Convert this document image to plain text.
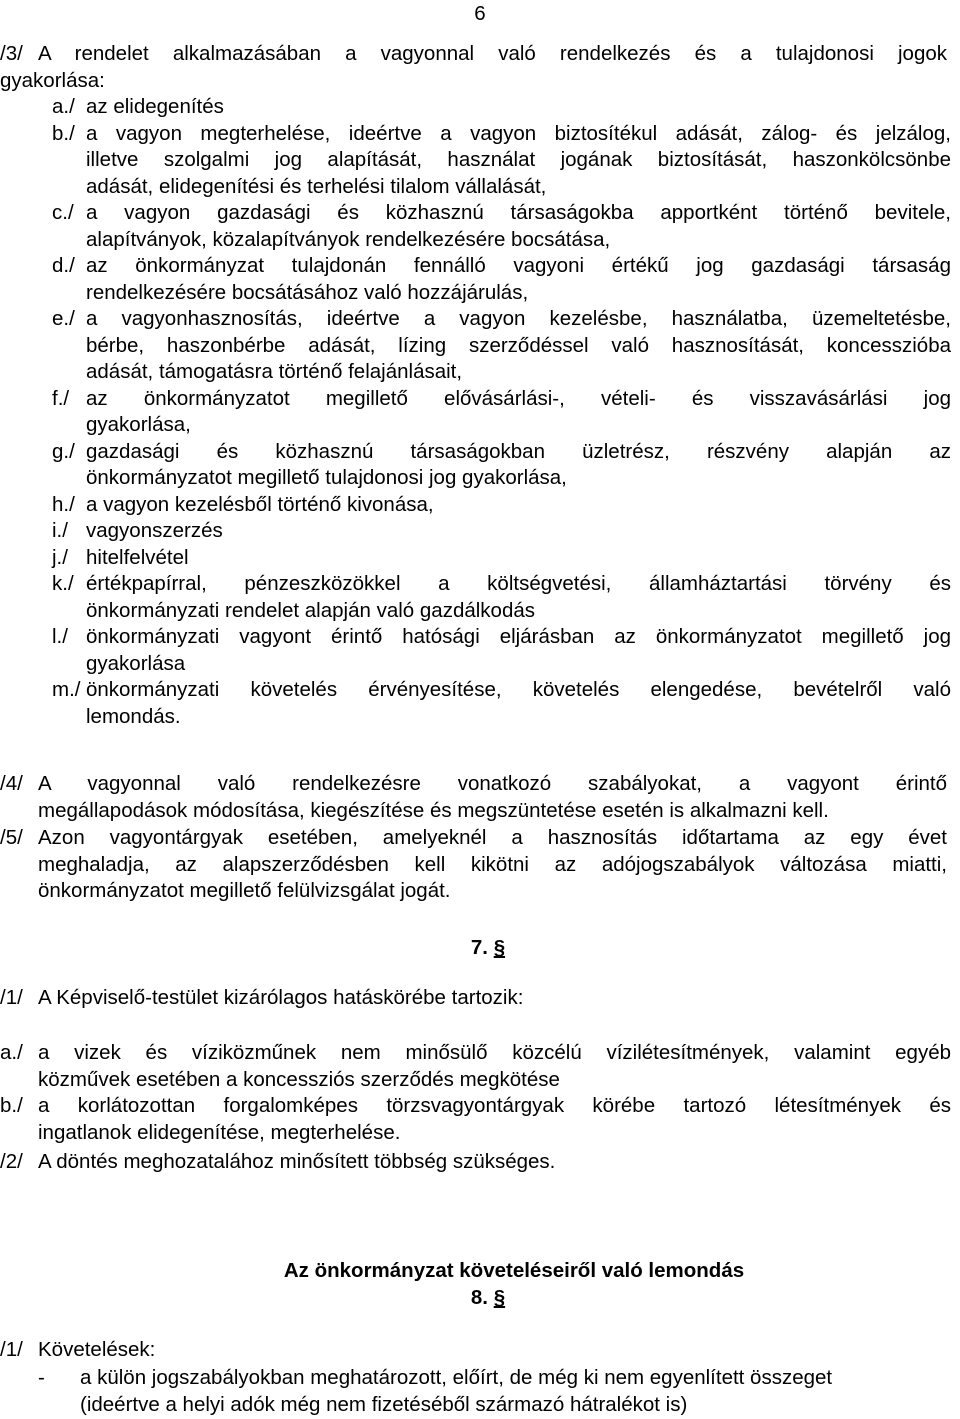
6
/3/ A rendelet alkalmazásában a vagyonnal való rendelkezés és a tulajdonosi jogok
gyakorlása:
a./ az elidegenítés
b./ a vagyon megterhelése, ideértve a vagyon biztosítékul adását, zálog- és jelzálog,
illetve szolgalmi jog alapítását, használat jogának biztosítását, haszonkölcsönbe
adását, elidegenítési és terhelési tilalom vállalását,
c./ a vagyon gazdasági és közhasznú társaságokba apportként történő bevitele,
alapítványok, közalapítványok rendelkezésére bocsátása,
d./ az önkormányzat tulajdonán fennálló vagyoni értékű jog gazdasági társaság
rendelkezésére bocsátásához való hozzájárulás,
e./ a vagyonhasznosítás, ideértve a vagyon kezelésbe, használatba, üzemeltetésbe,
bérbe, haszonbérbe adását, lízing szerződéssel való hasznosítását, koncesszióba
adását, támogatásra történő felajánlásait,
f./ az önkormányzatot megillető elővásárlási-, vételi- és visszavásárlási jog
gyakorlása,
g./ gazdasági és közhasznú társaságokban üzletrész, részvény alapján az
önkormányzatot megillető tulajdonosi jog gyakorlása,
h./ a vagyon kezelésből történő kivonása,
i./ vagyonszerzés
j./ hitelfelvétel
k./ értékpapírral, pénzeszközökkel a költségvetési, államháztartási törvény és
önkormányzati rendelet alapján való gazdálkodás
l./ önkormányzati vagyont érintő hatósági eljárásban az önkormányzatot megillető jog
gyakorlása
m./ önkormányzati követelés érvényesítése, követelés elengedése, bevételről való
lemondás.
/4/ A vagyonnal való rendelkezésre vonatkozó szabályokat, a vagyont érintő
megállapodások módosítása, kiegészítése és megszüntetése esetén is alkalmazni kell.
/5/ Azon vagyontárgyak esetében, amelyeknél a hasznosítás időtartama az egy évet
meghaladja, az alapszerződésben kell kikötni az adójogszabályok változása miatti,
önkormányzatot megillető felülvizsgálat jogát.
7. §
/1/ A Képviselő-testület kizárólagos hatáskörébe tartozik:
a./ a vizek és víziközműnek nem minősülő közcélú vízilétesítmények, valamint egyéb
közművek esetében a koncessziós szerződés megkötése
b./ a korlátozottan forgalomképes törzsvagyontárgyak körébe tartozó létesítmények és
ingatlanok elidegenítése, megterhelése.
/2/ A döntés meghozatalához minősített többség szükséges.
Az önkormányzat követeléseiről való lemondás
8. §
/1/ Követelések:
-	a külön jogszabályokban meghatározott, előírt, de még ki nem egyenlített összeget
(ideértve a helyi adók még nem fizetéséből származó hátralékot is)
